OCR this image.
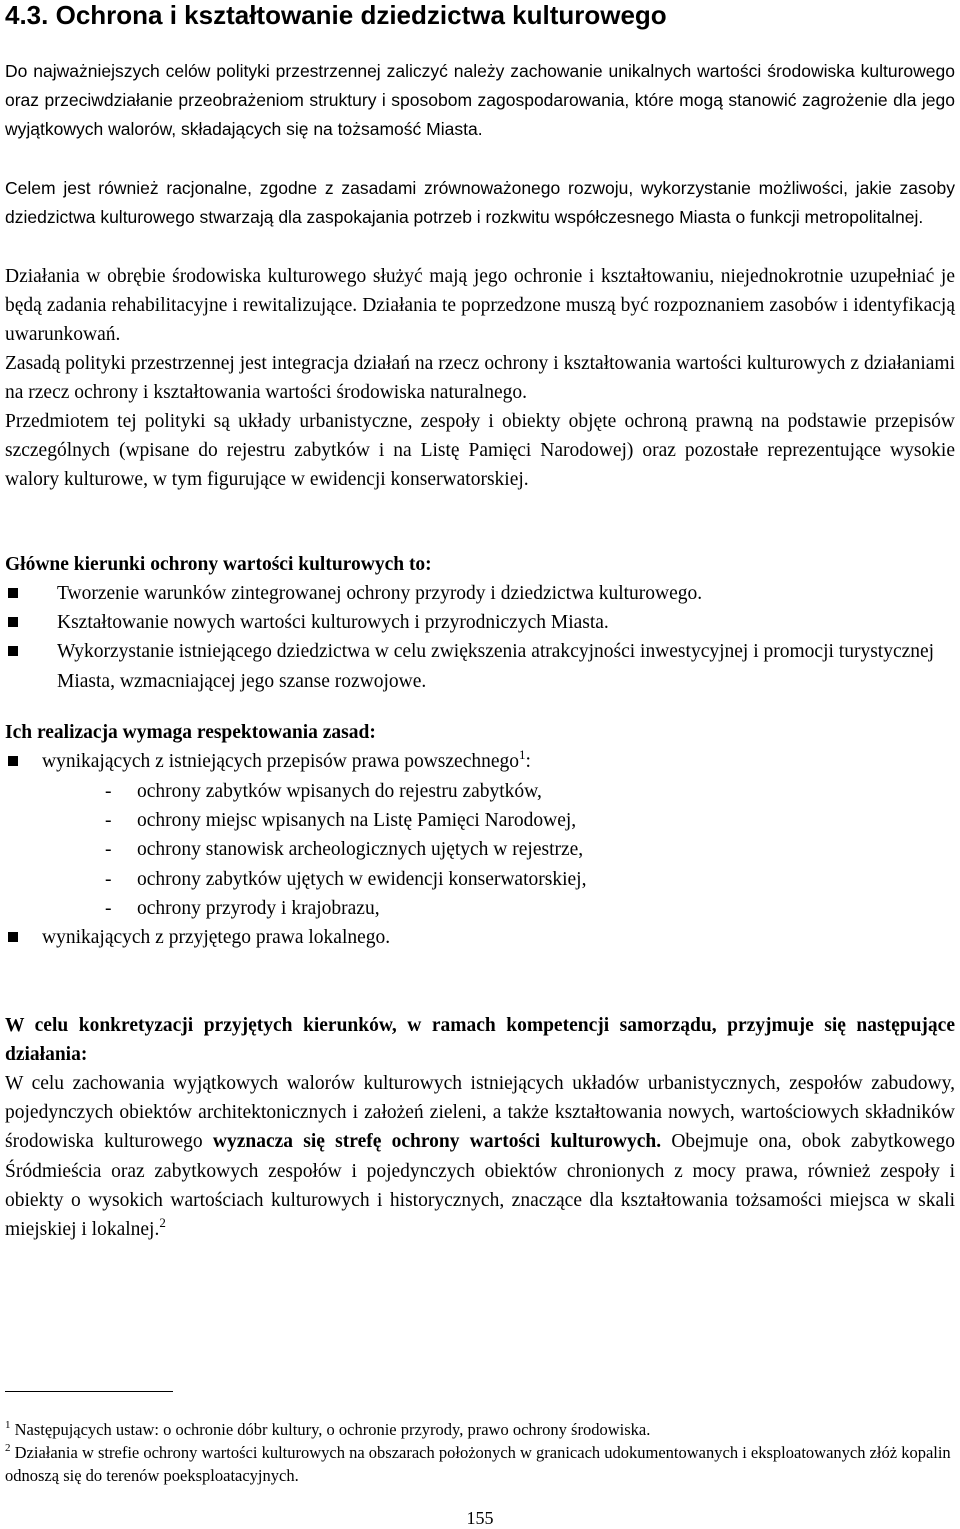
4.3. Ochrona i kształtowanie dziedzictwa kulturowego

Do najważniejszych celów polityki przestrzennej zaliczyć należy zachowanie unikalnych wartości środowiska kulturowego oraz przeciwdziałanie przeobrażeniom struktury i sposobom zagospodarowania, które mogą stanowić zagrożenie dla jego wyjątkowych walorów, składających się na tożsamość Miasta.

Celem jest również racjonalne, zgodne z zasadami zrównoważonego rozwoju, wykorzystanie możliwości, jakie zasoby dziedzictwa kulturowego stwarzają dla zaspokajania potrzeb i rozkwitu współczesnego Miasta o funkcji metropolitalnej.

Działania w obrębie środowiska kulturowego służyć mają jego ochronie i kształtowaniu, niejednokrotnie uzupełniać je będą zadania rehabilitacyjne i rewitalizujące. Działania te poprzedzone muszą być rozpoznaniem zasobów i identyfikacją uwarunkowań.

Zasadą polityki przestrzennej jest integracja działań na rzecz ochrony i kształtowania wartości kulturowych z działaniami na rzecz ochrony i kształtowania wartości środowiska naturalnego.

Przedmiotem tej polityki są układy urbanistyczne, zespoły i obiekty objęte ochroną prawną na podstawie przepisów szczególnych (wpisane do rejestru zabytków i na Listę Pamięci Narodowej) oraz pozostałe reprezentujące wysokie walory kulturowe, w tym figurujące w ewidencji konserwatorskiej.

Główne kierunki ochrony wartości kulturowych to:

Tworzenie warunków zintegrowanej ochrony przyrody i dziedzictwa kulturowego.
Kształtowanie nowych wartości kulturowych i przyrodniczych Miasta.
Wykorzystanie istniejącego dziedzictwa w celu zwiększenia atrakcyjności inwestycyjnej i promocji turystycznej Miasta, wzmacniającej jego szanse rozwojowe.

Ich realizacja wymaga respektowania zasad:

wynikających z istniejących przepisów prawa powszechnego$^1$:
- ochrony zabytków wpisanych do rejestru zabytków,
- ochrony miejsc wpisanych na Listę Pamięci Narodowej,
- ochrony stanowisk archeologicznych ujętych w rejestrze,
- ochrony zabytków ujętych w ewidencji konserwatorskiej,
- ochrony przyrody i krajobrazu,
wynikających z przyjętego prawa lokalnego.

W celu konkretyzacji przyjętych kierunków, w ramach kompetencji samorządu, przyjmuje się następujące działania:

W celu zachowania wyjątkowych walorów kulturowych istniejących układów urbanistycznych, zespołów zabudowy, pojedynczych obiektów architektonicznych i założeń zieleni, a także kształtowania nowych, wartościowych składników środowiska kulturowego wyznacza się strefę ochrony wartości kulturowych. Obejmuje ona, obok zabytkowego Śródmieścia oraz zabytkowych zespołów i pojedynczych obiektów chronionych z mocy prawa, również zespoły i obiekty o wysokich wartościach kulturowych i historycznych, znaczące dla kształtowania tożsamości miejsca w skali miejskiej i lokalnej.$^2$

$^1$ Następujących ustaw: o ochronie dóbr kultury, o ochronie przyrody, prawo ochrony środowiska.

$^2$ Działania w strefie ochrony wartości kulturowych na obszarach położonych w granicach udokumentowanych i eksploatowanych złóż kopalin odnoszą się do terenów poeksploatacyjnych.

155
